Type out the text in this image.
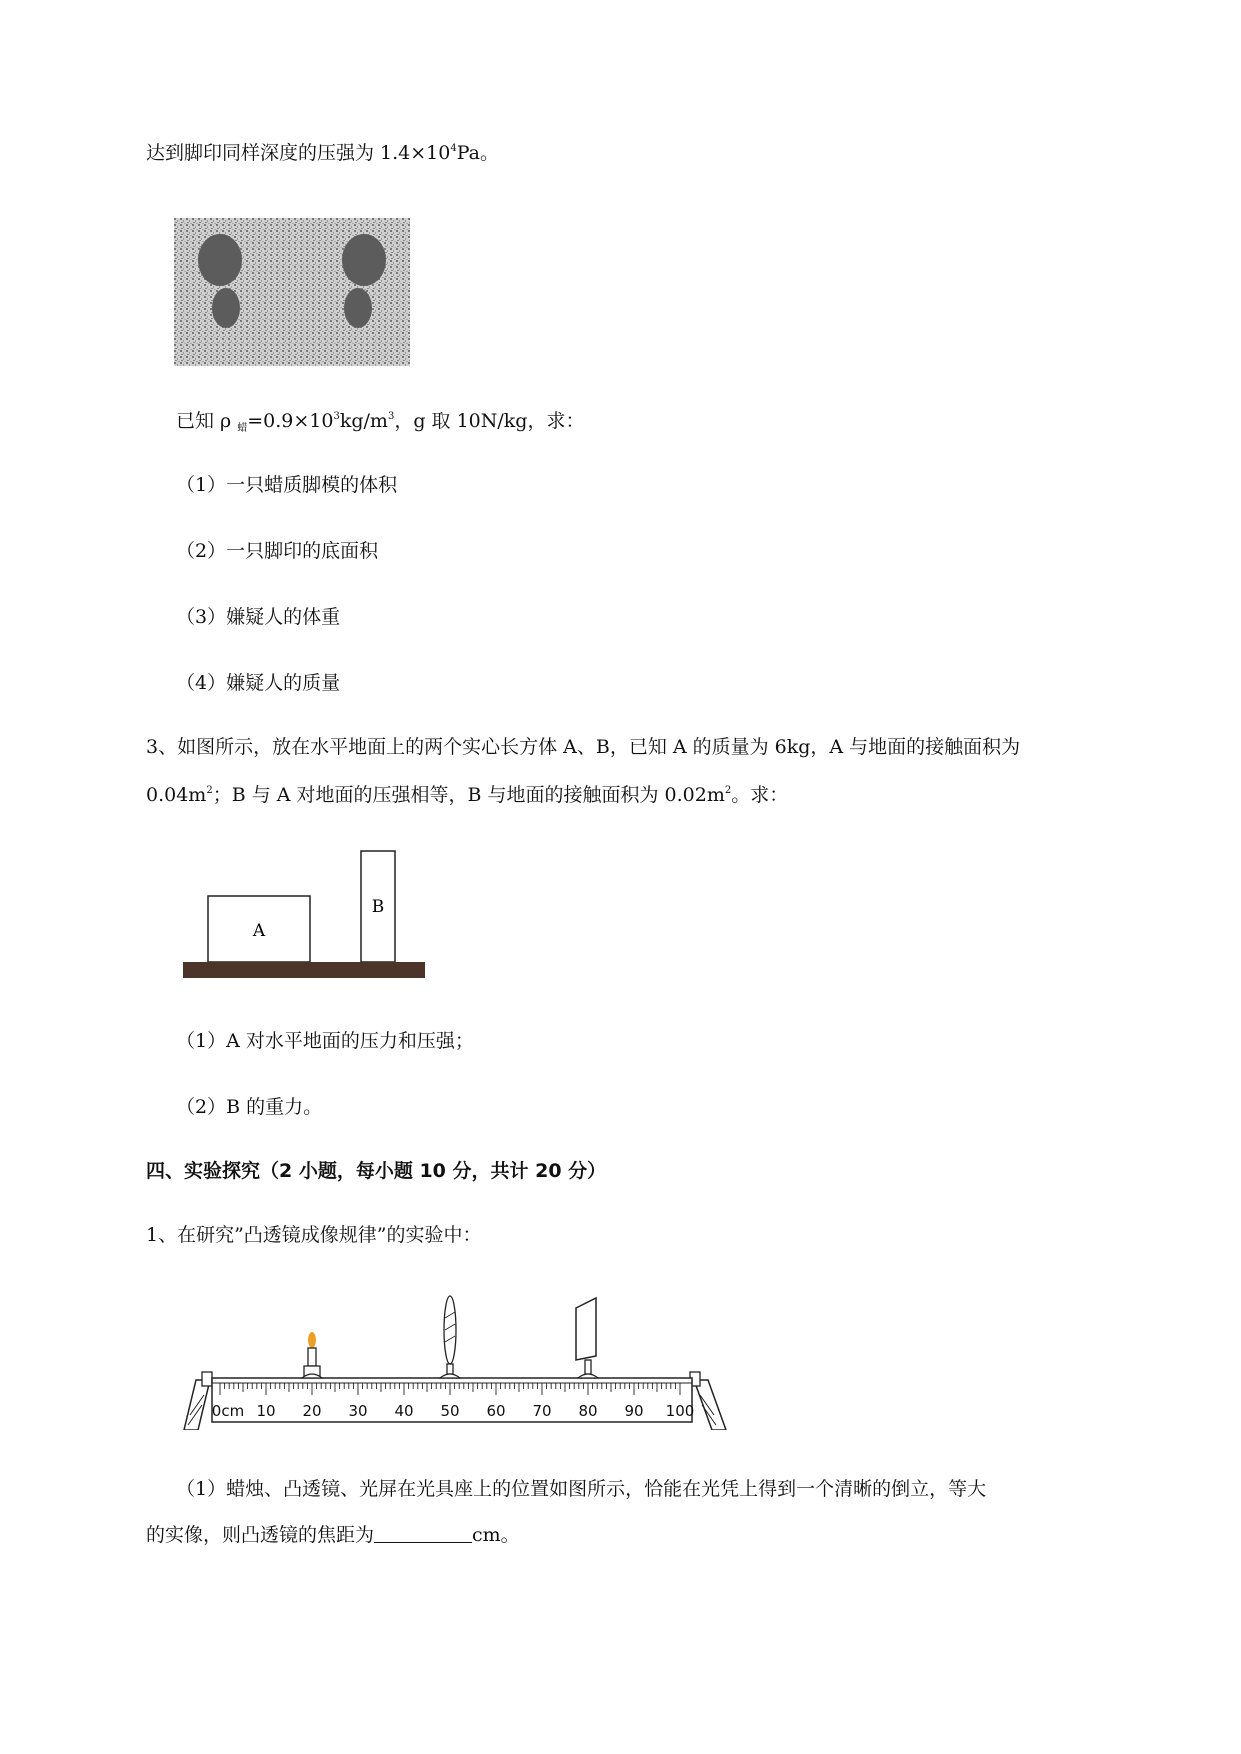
达到脚印同样深度的压强为 $1.4\times 10^4Pa$。
已知 ρ $_蜡=0.9\times 10^3kg/m^3$，g 取 10N/kg，求：
（1）一只蜡质脚模的体积
（2）一只脚印的底面积
（3）嫌疑人的体重
（4）嫌疑人的质量
3、如图所示，放在水平地面上的两个实心长方体 A、B，已知 A 的质量为 6kg，A 与地面的接触面积为
$0.04m^2$；B 与 A 对地面的压强相等，B 与地面的接触面积为 $0.02m^2$。求：
A
B
（1）A 对水平地面的压力和压强；
（2）B 的重力。
四、实验探究（2 小题，每小题 10 分，共计 20 分）
1、在研究”凸透镜成像规律”的实验中：
0cm 10 20 30 40 50 60 70 80 90 100
（1）蜡烛、凸透镜、光屏在光具座上的位置如图所示，恰能在光凭上得到一个清晰的倒立，等大
的实像，则凸透镜的焦距为	cm。
